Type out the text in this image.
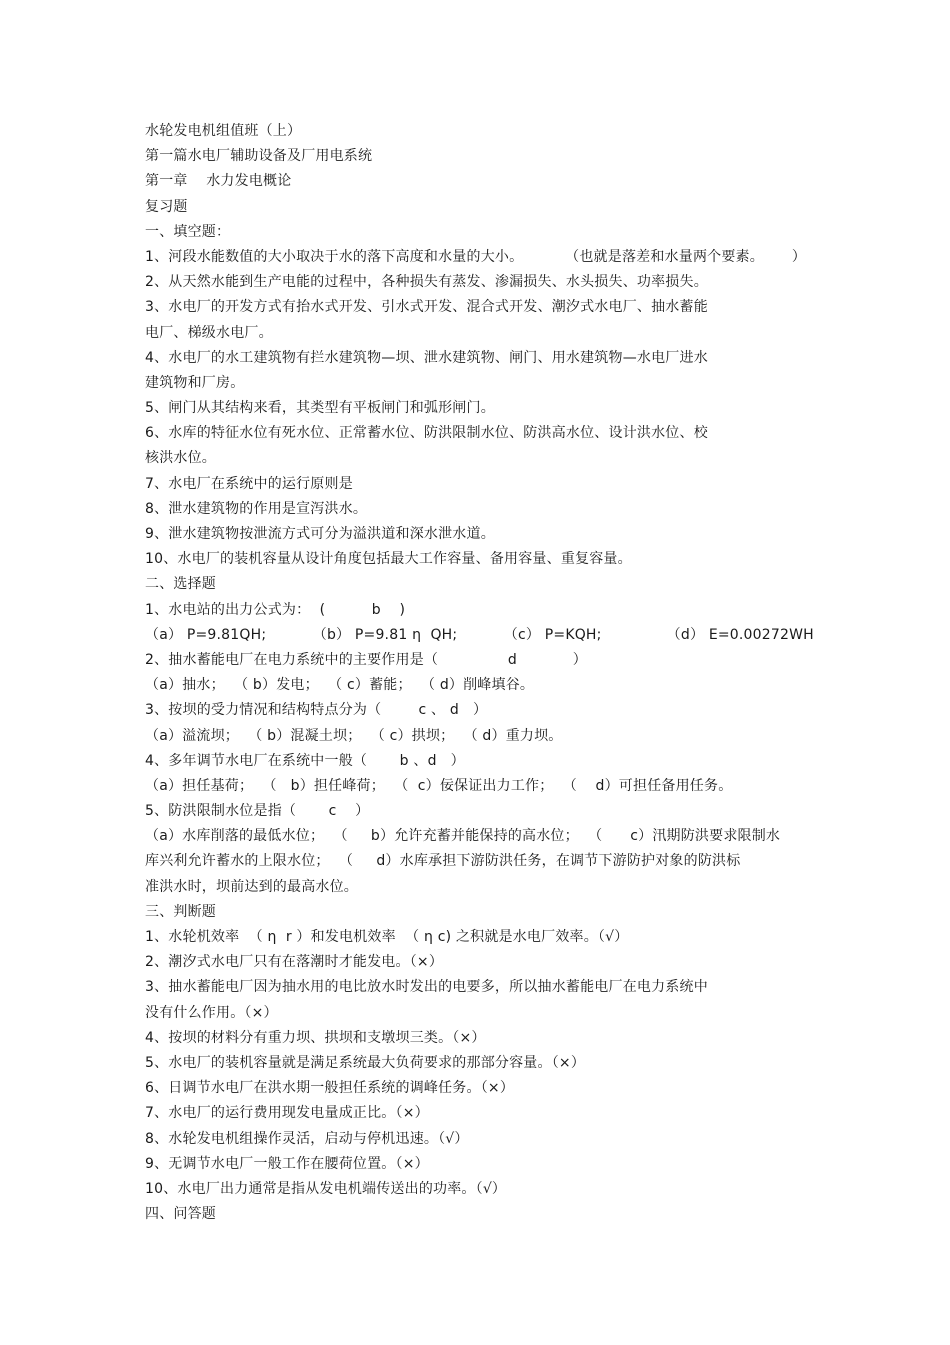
水轮发电机组值班（上）
第一篇水电厂辅助设备及厂用电系统
第一章    水力发电概论
复习题
一、填空题：
1、河段水能数值的大小取决于水的落下高度和水量的大小。         （也就是落差和水量两个要素。      ）
2、从天然水能到生产电能的过程中，各种损失有蒸发、渗漏损失、水头损失、功率损失。
3、水电厂的开发方式有抬水式开发、引水式开发、混合式开发、潮汐式水电厂、抽水蓄能
电厂、梯级水电厂。
4、水电厂的水工建筑物有拦水建筑物—坝、泄水建筑物、闸门、用水建筑物—水电厂进水
建筑物和厂房。
5、闸门从其结构来看，其类型有平板闸门和弧形闸门。
6、水库的特征水位有死水位、正常蓄水位、防洪限制水位、防洪高水位、设计洪水位、校
核洪水位。
7、水电厂在系统中的运行原则是
8、泄水建筑物的作用是宣泻洪水。
9、泄水建筑物按泄流方式可分为溢洪道和深水泄水道。
10、水电厂的装机容量从设计角度包括最大工作容量、备用容量、重复容量。
二、选择题
1、水电站的出力公式为：  (          b    )
（a） P=9.81QH;          （b） P=9.81 η  QH;          （c） P=KQH;              （d） E=0.00272WH
2、抽水蓄能电厂在电力系统中的主要作用是（               d            ）
（a）抽水；  （ b）发电；  （ c）蓄能；  （ d）削峰填谷。
3、按坝的受力情况和结构特点分为（        c 、 d   ）
（a）溢流坝；  （ b）混凝土坝；  （ c）拱坝；  （ d）重力坝。
4、多年调节水电厂在系统中一般（       b 、d   ）
（a）担任基荷；  （   b）担任峰荷；  （  c）佞保证出力工作；  （    d）可担任备用任务。
5、防洪限制水位是指（       c    ）
（a）水库削落的最低水位；  （     b）允许充蓄并能保持的高水位；  （      c）汛期防洪要求限制水
库兴利允许蓄水的上限水位；  （     d）水库承担下游防洪任务，在调节下游防护对象的防洪标
准洪水时，坝前达到的最高水位。
三、判断题
1、水轮机效率  （ η  r ）和发电机效率  （ η c) 之积就是水电厂效率。（√）
2、潮汐式水电厂只有在落潮时才能发电。（×）
3、抽水蓄能电厂因为抽水用的电比放水时发出的电要多，所以抽水蓄能电厂在电力系统中
没有什么作用。（×）
4、按坝的材料分有重力坝、拱坝和支墩坝三类。（×）
5、水电厂的装机容量就是满足系统最大负荷要求的那部分容量。（×）
6、日调节水电厂在洪水期一般担任系统的调峰任务。（×）
7、水电厂的运行费用现发电量成正比。（×）
8、水轮发电机组操作灵活，启动与停机迅速。（√）
9、无调节水电厂一般工作在腰荷位置。（×）
10、水电厂出力通常是指从发电机端传送出的功率。（√）
四、问答题
